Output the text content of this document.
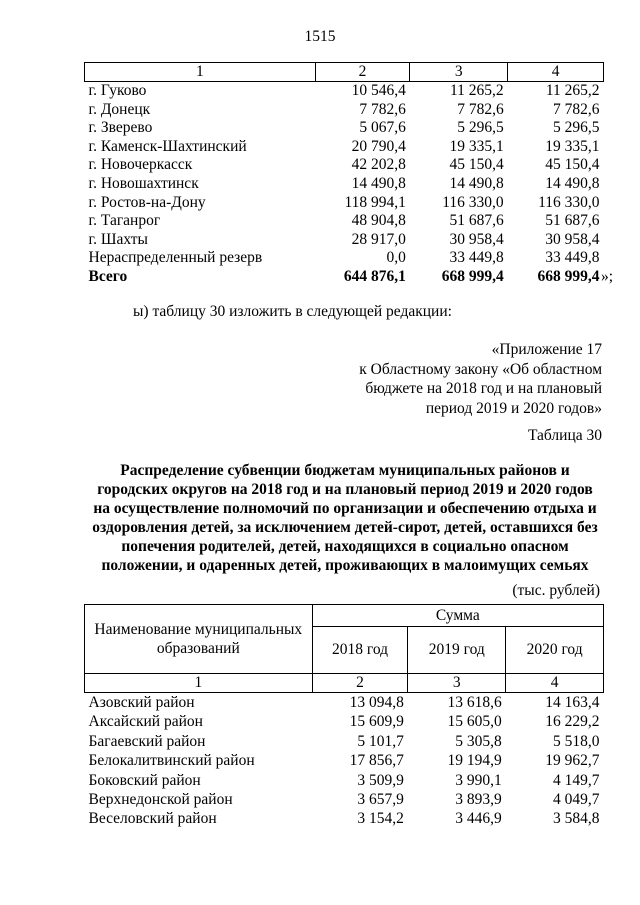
1515
1	2	3	4
г. Гуково	10 546,4	11 265,2	11 265,2
г. Донецк	7 782,6	7 782,6	7 782,6
г. Зверево	5 067,6	5 296,5	5 296,5
г. Каменск-Шахтинский	20 790,4	19 335,1	19 335,1
г. Новочеркасск	42 202,8	45 150,4	45 150,4
г. Новошахтинск	14 490,8	14 490,8	14 490,8
г. Ростов-на-Дону	118 994,1	116 330,0	116 330,0
г. Таганрог	48 904,8	51 687,6	51 687,6
г. Шахты	28 917,0	30 958,4	30 958,4
Нераспределенный резерв	0,0	33 449,8	33 449,8
Всего	644 876,1	668 999,4	668 999,4 »;
ы) таблицу 30 изложить в следующей редакции:
«Приложение 17
к Областному закону «Об областном
бюджете на 2018 год и на плановый
период 2019 и 2020 годов»
Таблица 30
Распределение субвенции бюджетам муниципальных районов и
городских округов на 2018 год и на плановый период 2019 и 2020 годов
на осуществление полномочий по организации и обеспечению отдыха и
оздоровления детей, за исключением детей-сирот, детей, оставшихся без
попечения родителей, детей, находящихся в социально опасном
положении, и одаренных детей, проживающих в малоимущих семьях
(тыс. рублей)
Наименование муниципальных
образований	Сумма		
	2018 год	2019 год	2020 год
1	2	3	4
Азовский район	13 094,8	13 618,6	14 163,4
Аксайский район	15 609,9	15 605,0	16 229,2
Багаевский район	5 101,7	5 305,8	5 518,0
Белокалитвинский район	17 856,7	19 194,9	19 962,7
Боковский район	3 509,9	3 990,1	4 149,7
Верхнедонской район	3 657,9	3 893,9	4 049,7
Веселовский район	3 154,2	3 446,9	3 584,8
